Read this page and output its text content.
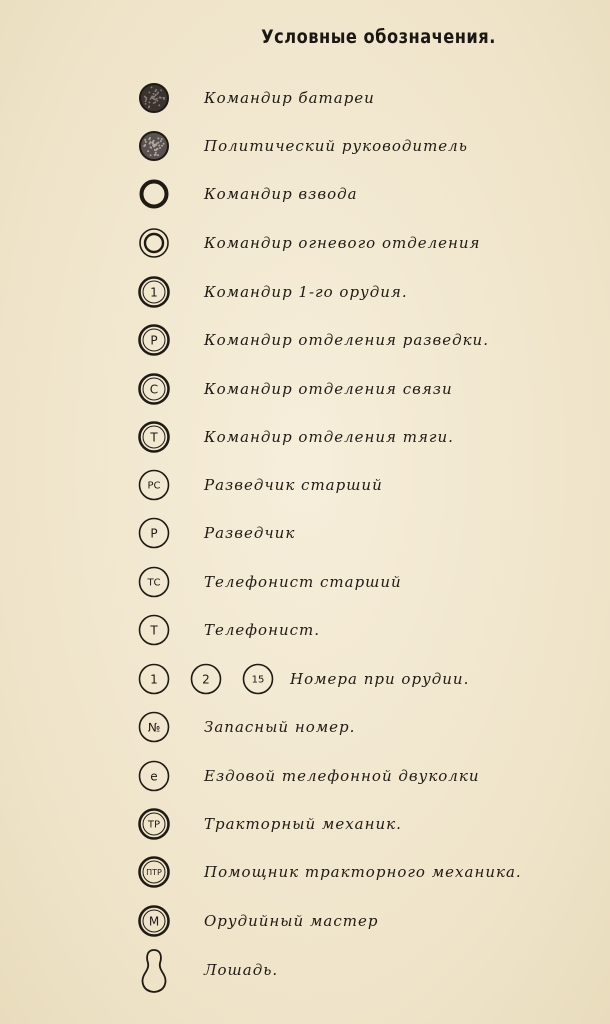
Условные обозначения.
Командир батареи
Политический руководитель
Командир взвода
Командир огневого отделения
1	Командир 1-го орудия.
Р	Командир отделения разведки.
С	Командир отделения связи
Т	Командир отделения тяги.
РС	Разведчик старший
Р	Разведчик
ТС	Телефонист старший
Т	Телефонист.
1	2	15 Номера при орудии.
№	Запасный номер.
е	Ездовой телефонной двуколки
ТР	Тракторный механик.
ПТР	Помощник тракторного механика.
М	Орудийный мастер
Лошадь.
